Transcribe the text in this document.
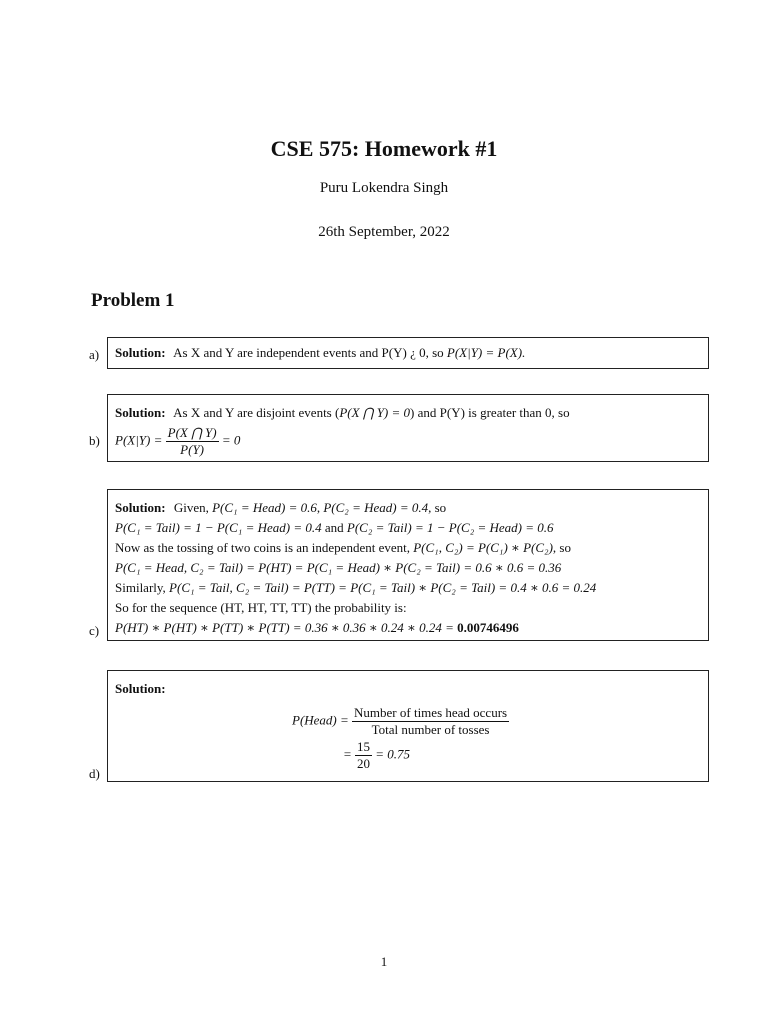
CSE 575: Homework #1
Puru Lokendra Singh
26th September, 2022
Problem 1
a)	Solution: As X and Y are independent events and P(Y) ¿ 0, so P(X|Y) = P(X).
b)
Solution: As X and Y are disjoint events (P(X ⋂ Y) = 0) and P(Y) is greater than 0, so
$P(X|Y) = \frac{P(X ⋂ Y)}{P(Y)} = 0$
c)
Solution: Given, P(C₁ = Head) = 0.6, P(C₂ = Head) = 0.4, so
P(C₁ = Tail) = 1 − P(C₁ = Head) = 0.4 and P(C₂ = Tail) = 1 − P(C₂ = Head) = 0.6
Now as the tossing of two coins is an independent event, P(C₁, C₂) = P(C₁) ∗ P(C₂), so
P(C₁ = Head, C₂ = Tail) = P(HT) = P(C₁ = Head) ∗ P(C₂ = Tail) = 0.6 ∗ 0.6 = 0.36
Similarly, P(C₁ = Tail, C₂ = Tail) = P(TT) = P(C₁ = Tail) ∗ P(C₂ = Tail) = 0.4 ∗ 0.6 = 0.24
So for the sequence (HT, HT, TT, TT) the probability is:
P(HT) ∗ P(HT) ∗ P(TT) ∗ P(TT) = 0.36 ∗ 0.36 ∗ 0.24 ∗ 0.24 = 0.00746496
d)
Solution:
P(Head) = $\frac{\text{Number of times head occurs}}{\text{Total number of tosses}}$
= $\frac{15}{20} = 0.75$
1
